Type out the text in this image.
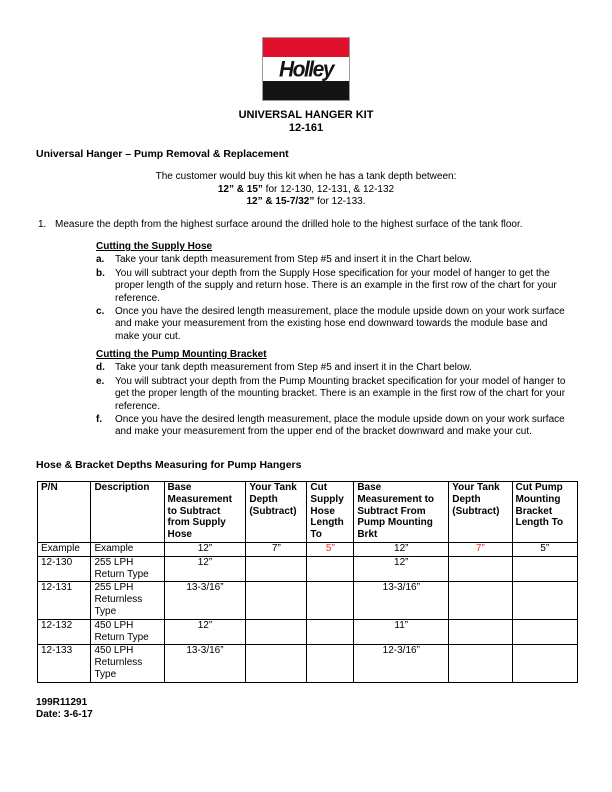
Holley
UNIVERSAL HANGER KIT
12-161
Universal Hanger – Pump Removal & Replacement
The customer would buy this kit when he has a tank depth between:
12” & 15” for 12-130, 12-131, & 12-132
12” & 15-7/32” for 12-133.
1. Measure the depth from the highest surface around the drilled hole to the highest surface of the tank floor.
Cutting the Supply Hose
a.	Take your tank depth measurement from Step #5 and insert it in the Chart below.
b.	You will subtract your depth from the Supply Hose specification for your model of hanger to get the proper length of the supply and return hose. There is an example in the first row of the chart for your reference.
c.	Once you have the desired length measurement, place the module upside down on your work surface and make your measurement from the existing hose end downward towards the module base and make your cut.
Cutting the Pump Mounting Bracket
d.	Take your tank depth measurement from Step #5 and insert it in the Chart below.
e.	You will subtract your depth from the Pump Mounting bracket specification for your model of hanger to get the proper length of the mounting bracket. There is an example in the first row of the chart for your reference.
f.	Once you have the desired length measurement, place the module upside down on your work surface and make your measurement from the upper end of the bracket downward and make your cut.
Hose & Bracket Depths Measuring for Pump Hangers
P/N	Description	Base Measurement to Subtract from Supply Hose	Your Tank Depth (Subtract)	Cut Supply Hose Length To	Base Measurement to Subtract From Pump Mounting Brkt	Your Tank Depth (Subtract)	Cut Pump Mounting Bracket Length To
Example	Example	12”	7”	5”	12”	7”	5”
12-130	255 LPH Return Type	12”			12”		
12-131	255 LPH Returnless Type	13-3/16”			13-3/16”		
12-132	450 LPH Return Type	12”			11”		
12-133	450 LPH Returnless Type	13-3/16”			12-3/16”		
199R11291
Date: 3-6-17
